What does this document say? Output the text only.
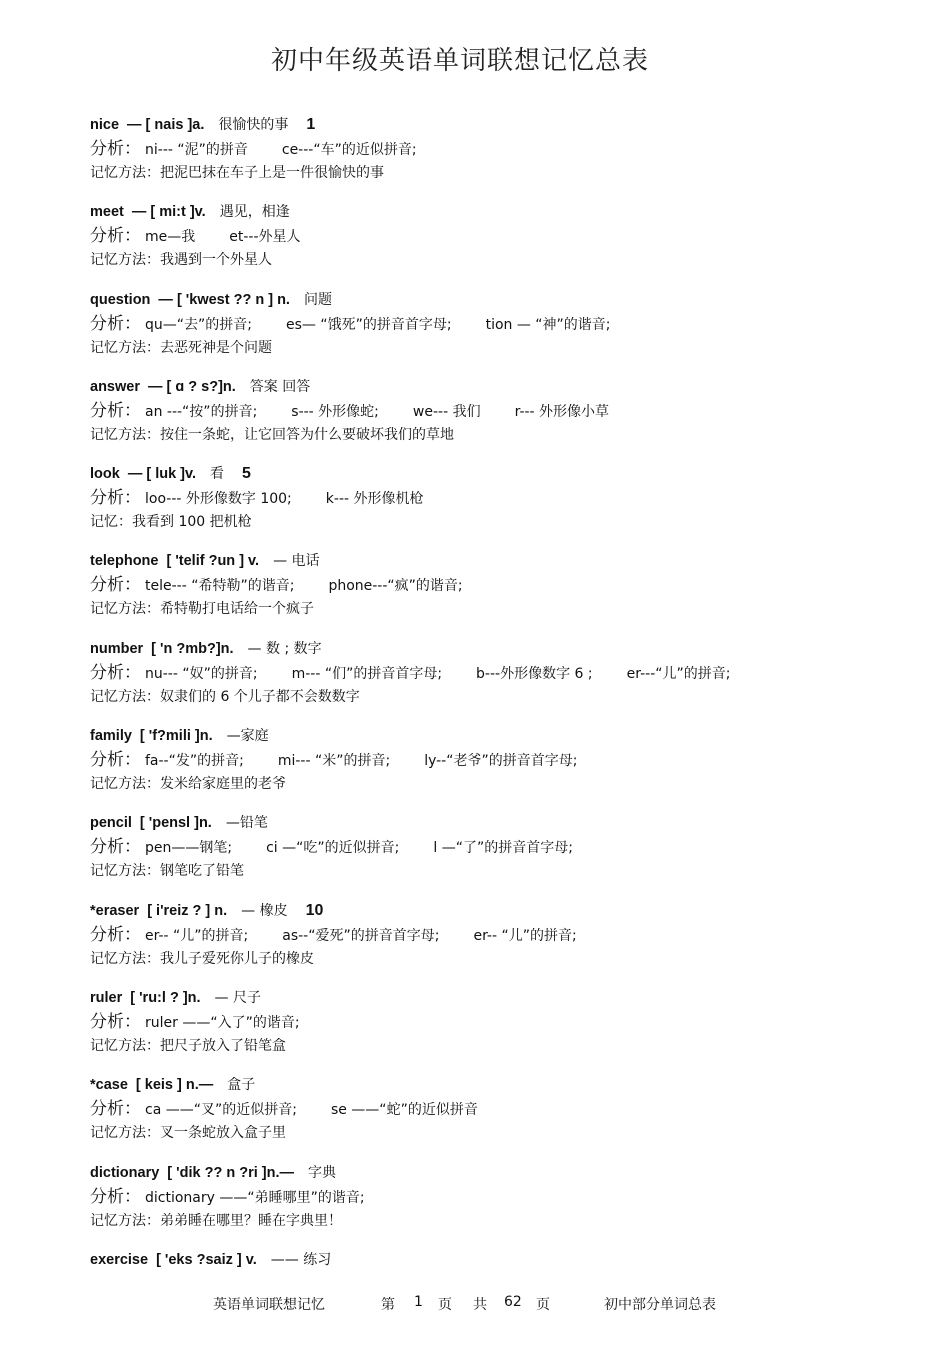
初中年级英语单词联想记忆总表
nice — [ nais ]a. 很愉快的事 1
分析： ni--- “泥”的拼音 ce---“车”的近似拼音;
记忆方法：把泥巴抹在车子上是一件很愉快的事
meet — [ mi:t ]v. 遇见，相逢
分析： me—我 et---外星人
记忆方法：我遇到一个外星人
question — [ 'kwest ?? n ] n. 问题
分析： qu—“去”的拼音; es— “饿死”的拼音首字母; tion — “神”的谐音;
记忆方法：去恶死神是个问题
answer — [ ɑ ? s?]n. 答案 回答
分析： an ---“按”的拼音; s--- 外形像蛇; we--- 我们 r--- 外形像小草
记忆方法：按住一条蛇，让它回答为什么要破坏我们的草地
look — [ luk ]v. 看 5
分析： loo--- 外形像数字 100; k--- 外形像机枪
记忆：我看到 100 把机枪
telephone [ 'telif ?un ] v. — 电话
分析： tele--- “希特勒”的谐音; phone---“疯”的谐音;
记忆方法：希特勒打电话给一个疯子
number [ 'n ?mb?]n. — 数 ; 数字
分析： nu--- “奴”的拼音; m--- “们”的拼音首字母; b---外形像数字 6 ; er---“儿”的拼音;
记忆方法：奴隶们的 6 个儿子都不会数数字
family [ 'f?mili ]n. —家庭
分析： fa--“发”的拼音; mi--- “米”的拼音; ly--“老爷”的拼音首字母;
记忆方法：发米给家庭里的老爷
pencil [ 'pensl ]n. —铅笔
分析： pen——钢笔; ci —“吃”的近似拼音; l —“了”的拼音首字母;
记忆方法：钢笔吃了铅笔
*eraser [ i'reiz ? ] n. — 橡皮 10
分析： er-- “儿”的拼音; as--“爱死”的拼音首字母; er-- “儿”的拼音;
记忆方法：我儿子爱死你儿子的橡皮
ruler [ 'ru:l ? ]n. — 尺子
分析： ruler ——“入了”的谐音;
记忆方法：把尺子放入了铅笔盒
*case [ keis ] n.— 盒子
分析： ca ——“叉”的近似拼音; se ——“蛇”的近似拼音
记忆方法：叉一条蛇放入盒子里
dictionary [ 'dik ?? n ?ri ]n.— 字典
分析： dictionary ——“弟睡哪里”的谐音;
记忆方法：弟弟睡在哪里？睡在字典里！
exercise [ 'eks ?saiz ] v. —— 练习
英语单词联想记忆	第 1 页 共 62 页	初中部分单词总表
